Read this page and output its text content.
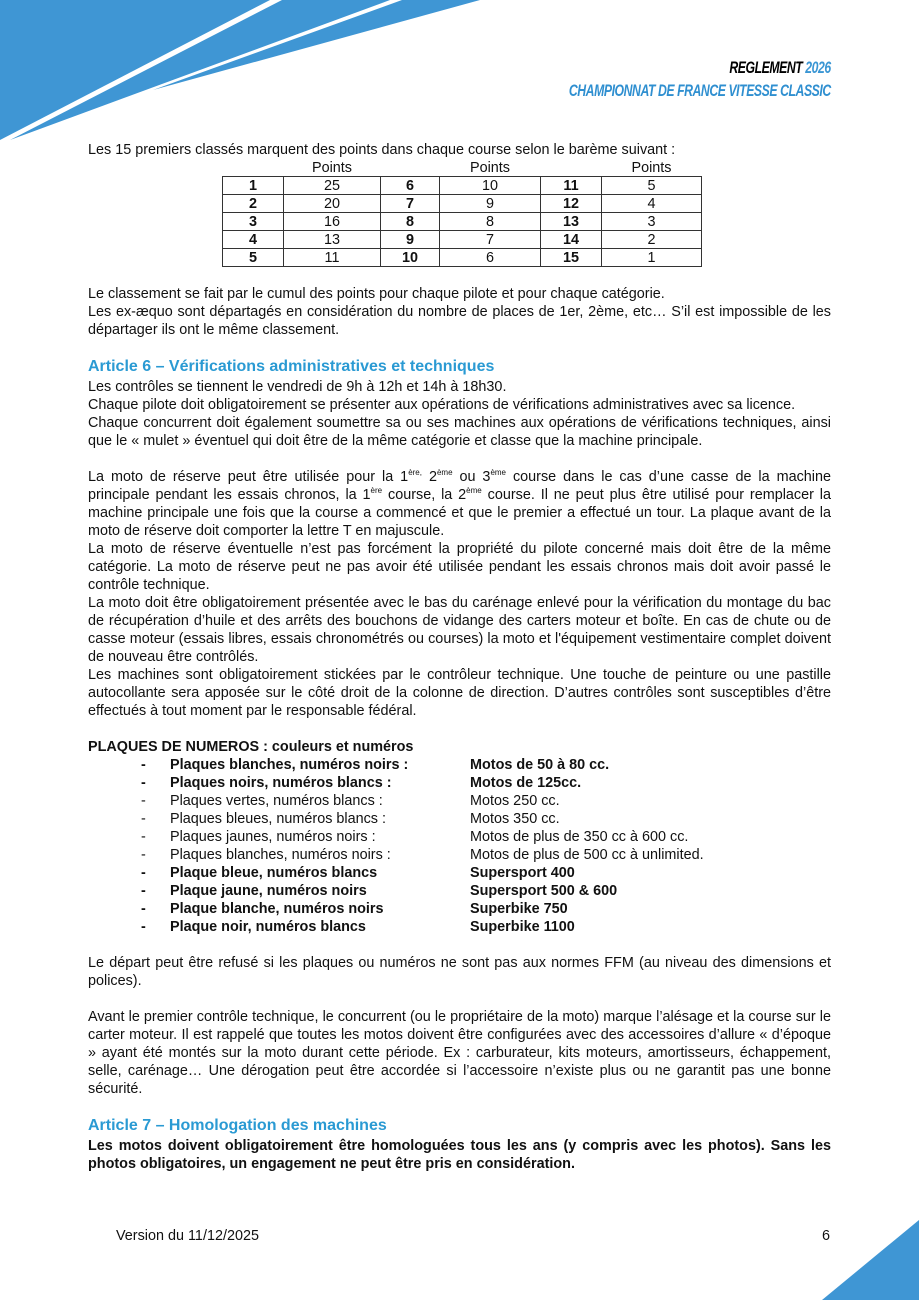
REGLEMENT 2026
CHAMPIONNAT DE FRANCE VITESSE CLASSIC

Les 15 premiers classés marquent des points dans chaque course selon le barème suivant :

	Points		Points		Points
1	25	6	10	11	5
2	20	7	9	12	4
3	16	8	8	13	3
4	13	9	7	14	2
5	11	10	6	15	1

Le classement se fait par le cumul des points pour chaque pilote et pour chaque catégorie.

Les ex-æquo sont départagés en considération du nombre de places de 1er, 2ème, etc… S’il est impossible de les départager ils ont le même classement.

Article 6 – Vérifications administratives et techniques

Les contrôles se tiennent le vendredi de 9h à 12h et 14h à 18h30.

Chaque pilote doit obligatoirement se présenter aux opérations de vérifications administratives avec sa licence.

Chaque concurrent doit également soumettre sa ou ses machines aux opérations de vérifications techniques, ainsi que le « mulet » éventuel qui doit être de la même catégorie et classe que la machine principale.

La moto de réserve peut être utilisée pour la $1^{ère,}$ 2ème ou 3ème course dans le cas d’une casse de la machine principale pendant les essais chronos, la 1ère course, la 2ème course. Il ne peut plus être utilisé pour remplacer la machine principale une fois que la course a commencé et que le premier a effectué un tour. La plaque avant de la moto de réserve doit comporter la lettre T en majuscule.

La moto de réserve éventuelle n’est pas forcément la propriété du pilote concerné mais doit être de la même catégorie. La moto de réserve peut ne pas avoir été utilisée pendant les essais chronos mais doit avoir passé le contrôle technique.

La moto doit être obligatoirement présentée avec le bas du carénage enlevé pour la vérification du montage du bac de récupération d’huile et des arrêts des bouchons de vidange des carters moteur et boîte. En cas de chute ou de casse moteur (essais libres, essais chronométrés ou courses) la moto et l'équipement vestimentaire complet doivent de nouveau être contrôlés.

Les machines sont obligatoirement stickées par le contrôleur technique. Une touche de peinture ou une pastille autocollante sera apposée sur le côté droit de la colonne de direction. D’autres contrôles sont susceptibles d’être effectués à tout moment par le responsable fédéral.

PLAQUES DE NUMEROS : couleurs et numéros

-	Plaques blanches, numéros noirs :	Motos de 50 à 80 cc.
-	Plaques noirs, numéros blancs :	Motos de 125cc.
-	Plaques vertes, numéros blancs :	Motos 250 cc.
-	Plaques bleues, numéros blancs :	Motos 350 cc.
-	Plaques jaunes, numéros noirs :	Motos de plus de 350 cc à 600 cc.
-	Plaques blanches, numéros noirs :	Motos de plus de 500 cc à unlimited.
-	Plaque bleue, numéros blancs	Supersport 400
-	Plaque jaune, numéros noirs	Supersport 500 & 600
-	Plaque blanche, numéros noirs	Superbike 750
-	Plaque noir, numéros blancs	Superbike 1100

Le départ peut être refusé si les plaques ou numéros ne sont pas aux normes FFM (au niveau des dimensions et polices).

Avant le premier contrôle technique, le concurrent (ou le propriétaire de la moto) marque l’alésage et la course sur le carter moteur. Il est rappelé que toutes les motos doivent être configurées avec des accessoires d’allure « d’époque » ayant été montés sur la moto durant cette période. Ex : carburateur, kits moteurs, amortisseurs, échappement, selle, carénage… Une dérogation peut être accordée si l’accessoire n’existe plus ou ne garantit pas une bonne sécurité.

Article 7 – Homologation des machines

Les motos doivent obligatoirement être homologuées tous les ans (y compris avec les photos). Sans les photos obligatoires, un engagement ne peut être pris en considération.

Version du 11/12/2025	6
